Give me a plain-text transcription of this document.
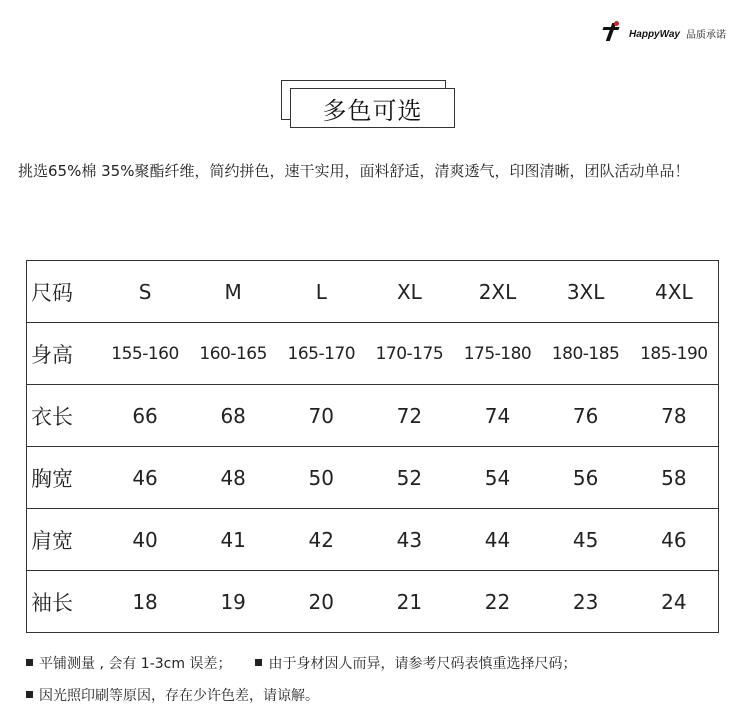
HappyWay 品质承诺
多色可选
挑选65%棉 35%聚酯纤维，简约拼色，速干实用，面料舒适，清爽透气，印图清晰，团队活动单品！
尺码	S	M	L	XL	2XL	3XL	4XL
身高	155-160	160-165	165-170	170-175	175-180	180-185	185-190
衣长	66	68	70	72	74	76	78
胸宽	46	48	50	52	54	56	58
肩宽	40	41	42	43	44	45	46
袖长	18	19	20	21	22	23	24
平铺测量 , 会有 1-3cm 误差；	由于身材因人而异，请参考尺码表慎重选择尺码；
因光照印刷等原因，存在少许色差，请谅解。
